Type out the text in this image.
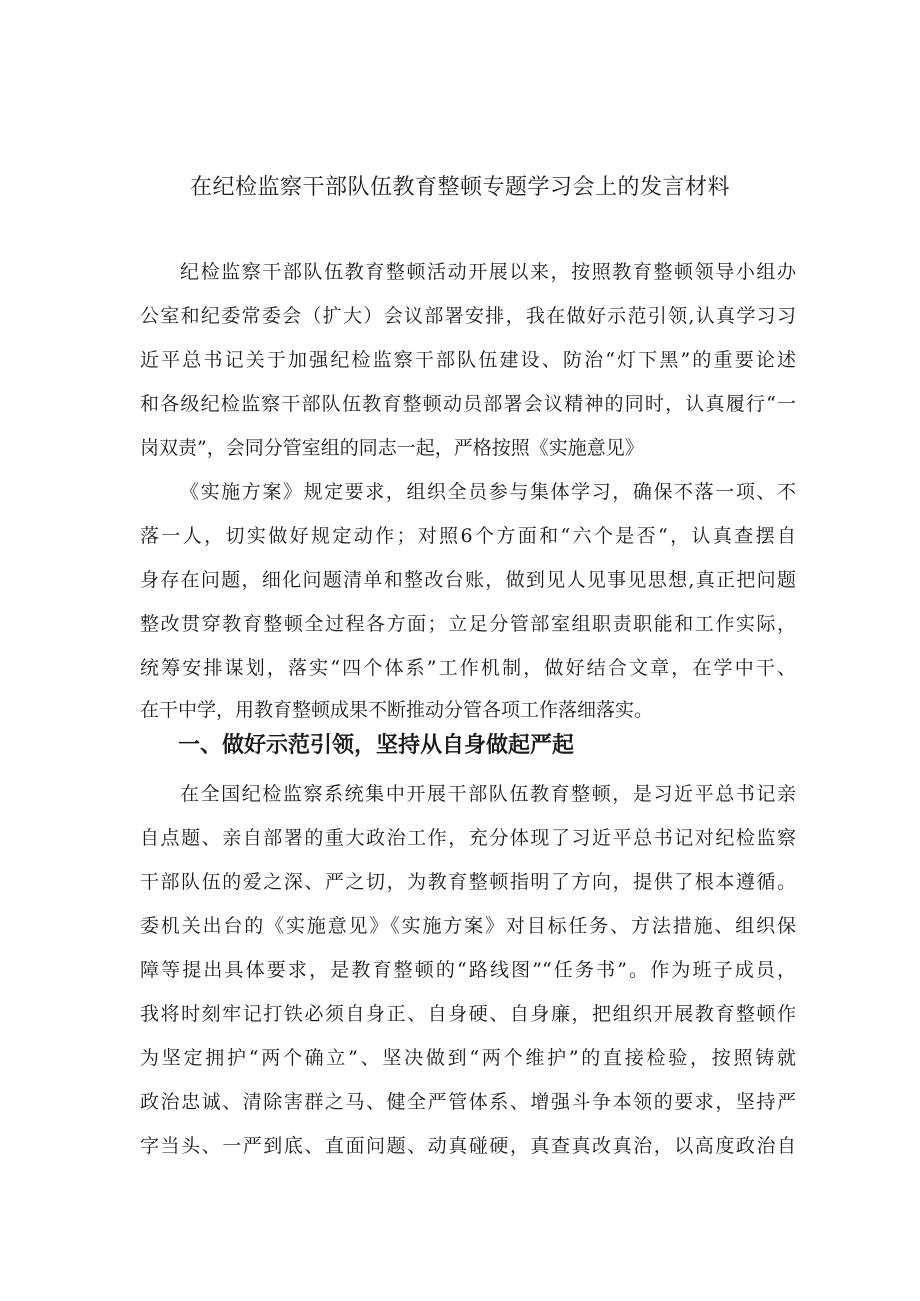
在纪检监察干部队伍教育整顿专题学习会上的发言材料

纪检监察干部队伍教育整顿活动开展以来，按照教育整顿领导小组办

公室和纪委常委会（扩大）会议部署安排，我在做好示范引领,认真学习习

近平总书记关于加强纪检监察干部队伍建设、防治“灯下黑”的重要论述

和各级纪检监察干部队伍教育整顿动员部署会议精神的同时，认真履行“一

岗双责”，会同分管室组的同志一起，严格按照《实施意见》

《实施方案》规定要求，组织全员参与集体学习，确保不落一项、不

落一人，切实做好规定动作；对照6个方面和“六个是否“，认真查摆自

身存在问题，细化问题清单和整改台账，做到见人见事见思想,真正把问题

整改贯穿教育整顿全过程各方面；立足分管部室组职责职能和工作实际，

统筹安排谋划，落实“四个体系”工作机制，做好结合文章，在学中干、

在干中学，用教育整顿成果不断推动分管各项工作落细落实。

一、做好示范引领，坚持从自身做起严起

在全国纪检监察系统集中开展干部队伍教育整顿，是习近平总书记亲

自点题、亲自部署的重大政治工作，充分体现了习近平总书记对纪检监察

干部队伍的爱之深、严之切，为教育整顿指明了方向，提供了根本遵循。

委机关出台的《实施意见》《实施方案》对目标任务、方法措施、组织保

障等提出具体要求，是教育整顿的“路线图”“任务书”。作为班子成员，

我将时刻牢记打铁必须自身正、自身硬、自身廉，把组织开展教育整顿作

为坚定拥护“两个确立”、坚决做到“两个维护”的直接检验，按照铸就

政治忠诚、清除害群之马、健全严管体系、增强斗争本领的要求，坚持严

字当头、一严到底、直面问题、动真碰硬，真查真改真治，以高度政治自
